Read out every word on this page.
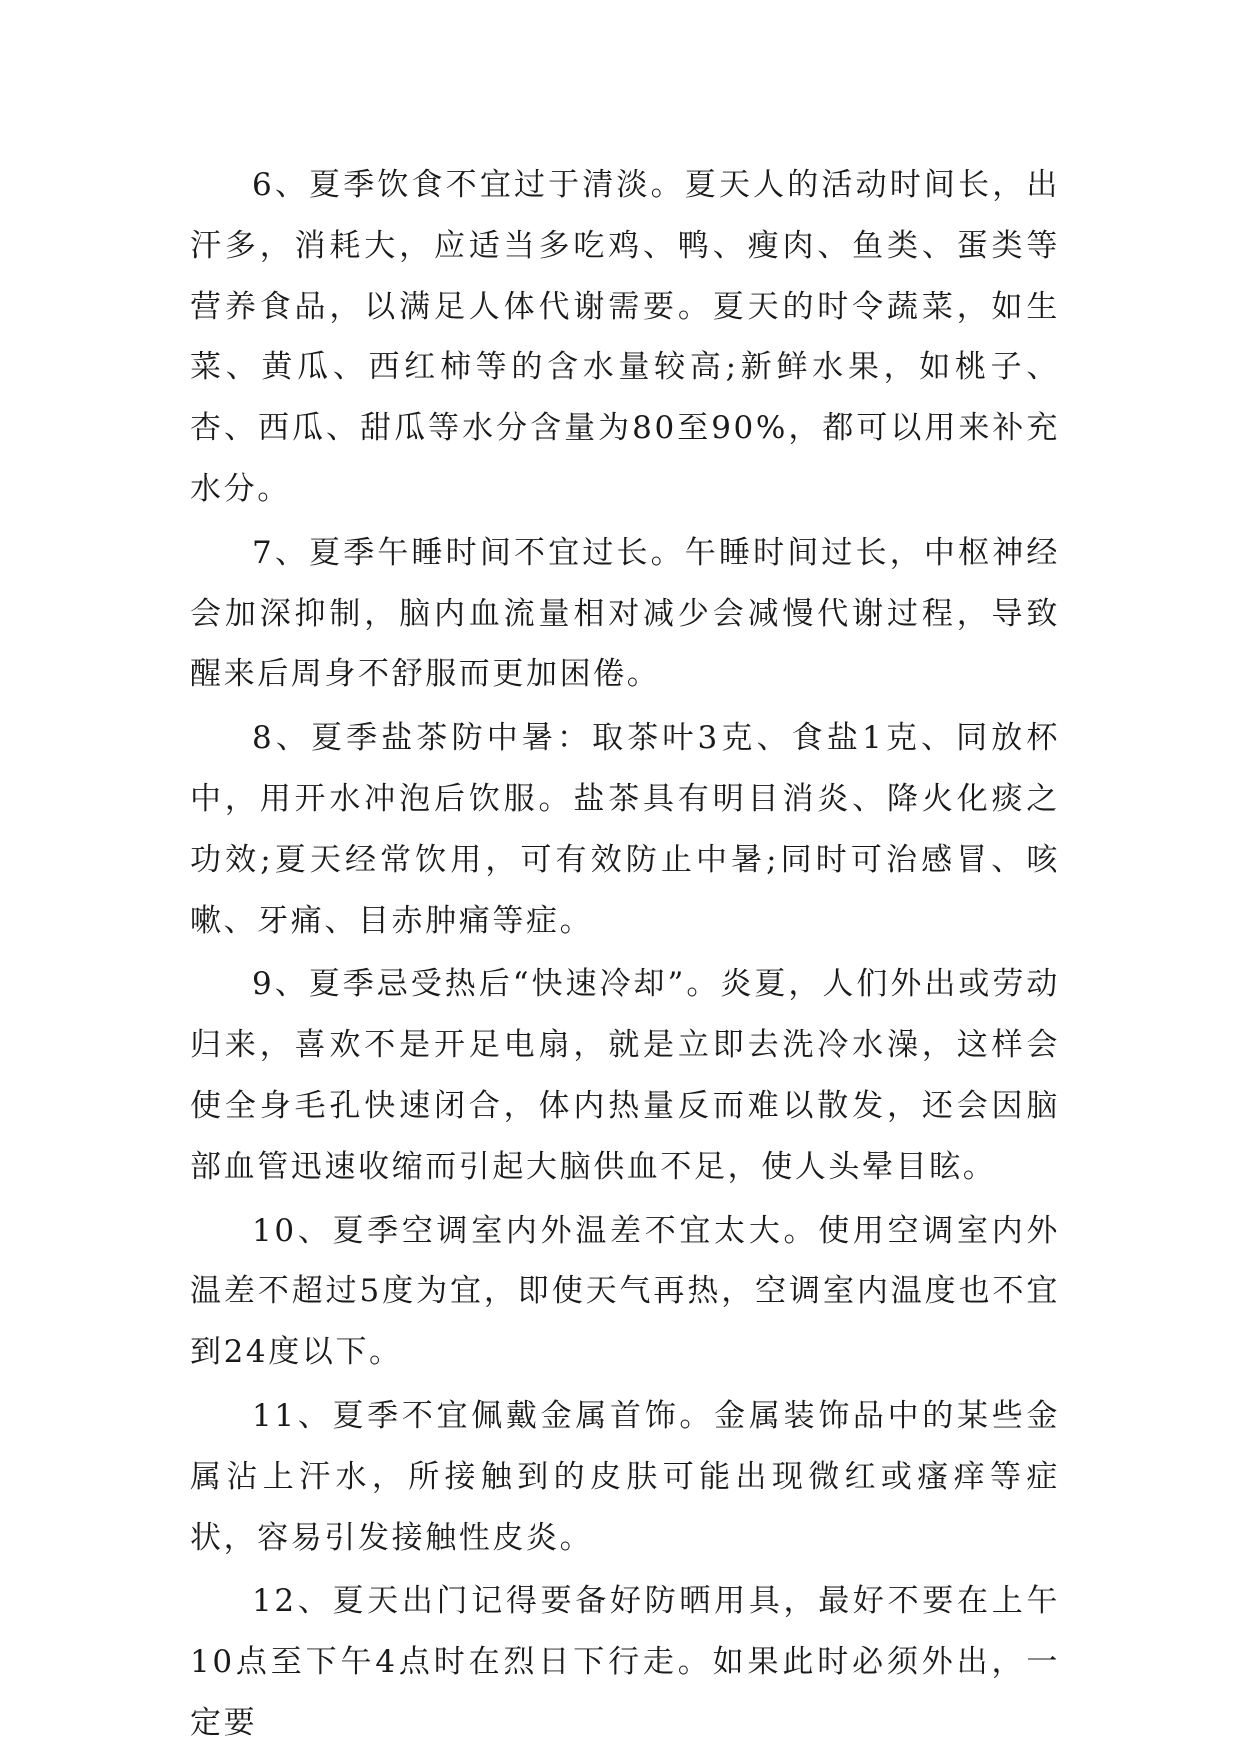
6、夏季饮食不宜过于清淡。夏天人的活动时间长，出汗多，消耗大，应适当多吃鸡、鸭、瘦肉、鱼类、蛋类等营养食品，以满足人体代谢需要。夏天的时令蔬菜，如生菜、黄瓜、西红柿等的含水量较高;新鲜水果，如桃子、杏、西瓜、甜瓜等水分含量为80至90%，都可以用来补充水分。

7、夏季午睡时间不宜过长。午睡时间过长，中枢神经会加深抑制，脑内血流量相对减少会减慢代谢过程，导致醒来后周身不舒服而更加困倦。

8、夏季盐茶防中暑：取茶叶3克、食盐1克、同放杯中，用开水冲泡后饮服。盐茶具有明目消炎、降火化痰之功效;夏天经常饮用，可有效防止中暑;同时可治感冒、咳嗽、牙痛、目赤肿痛等症。

9、夏季忌受热后“快速冷却”。炎夏，人们外出或劳动归来，喜欢不是开足电扇，就是立即去洗冷水澡，这样会使全身毛孔快速闭合，体内热量反而难以散发，还会因脑部血管迅速收缩而引起大脑供血不足，使人头晕目眩。

10、夏季空调室内外温差不宜太大。使用空调室内外温差不超过5度为宜，即使天气再热，空调室内温度也不宜到24度以下。

11、夏季不宜佩戴金属首饰。金属装饰品中的某些金属沾上汗水，所接触到的皮肤可能出现微红或瘙痒等症状，容易引发接触性皮炎。

12、夏天出门记得要备好防晒用具，最好不要在上午10点至下午4点时在烈日下行走。如果此时必须外出，一定要
